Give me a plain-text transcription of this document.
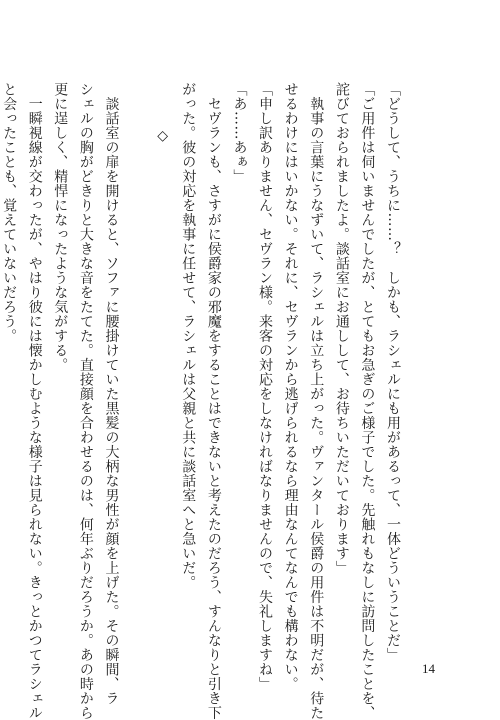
「どうして、うちに……？　しかも、ラシェルにも用があるって、一体どういうことだ」
「ご用件は伺いませんでしたが、とてもお急ぎのご様子でした。先触れもなしに訪問したことを、
詫びておられましたよ。談話室にお通しして、お待ちいただいております」
　執事の言葉にうなずいて、ラシェルは立ち上がった。ヴァンタール侯爵の用件は不明だが、待た
せるわけにはいかない。それに、セヴランから逃げられるなら理由なんてなんでも構わない。
「申し訳ありません、セヴラン様。来客の対応をしなければなりませんので、失礼しますね」
「あ……あぁ」
　セヴランも、さすがに侯爵家の邪魔をすることはできないと考えたのだろう、すんなりと引き下
がった。彼の対応を執事に任せて、ラシェルは父親と共に談話室へと急いだ。
◇
　談話室の扉を開けると、ソファに腰掛けていた黒髪の大柄な男性が顔を上げた。その瞬間、ラ
シェルの胸がどきりと大きな音をたてた。直接顔を合わせるのは、何年ぶりだろうか。あの時から
更に逞しく、精悍になったような気がする。
　一瞬視線が交わったが、やはり彼には懐かしむような様子は見られない。きっとかつてラシェル
と会ったことも、覚えていないだろう。
14
